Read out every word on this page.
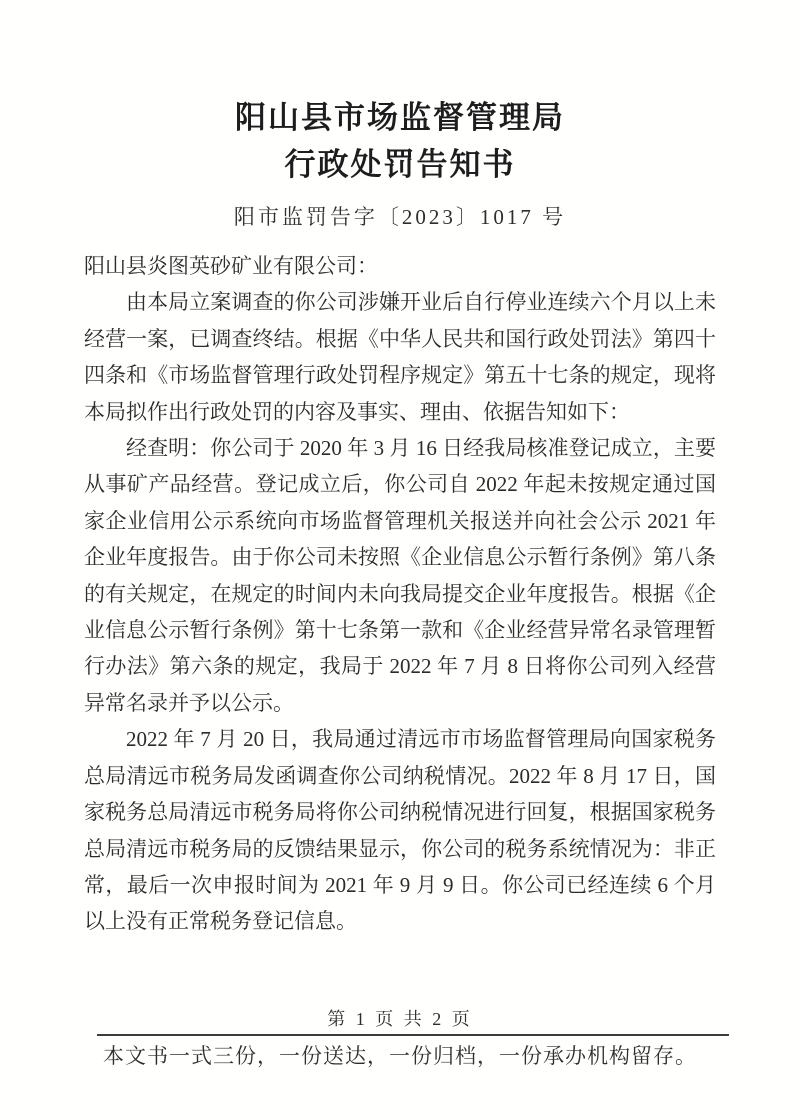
阳山县市场监督管理局
行政处罚告知书
阳市监罚告字〔2023〕1017 号

阳山县炎图英砂矿业有限公司：

由本局立案调查的你公司涉嫌开业后自行停业连续六个月以上未经营一案，已调查终结。根据《中华人民共和国行政处罚法》第四十四条和《市场监督管理行政处罚程序规定》第五十七条的规定，现将本局拟作出行政处罚的内容及事实、理由、依据告知如下：

经查明：你公司于 2020 年 3 月 16 日经我局核准登记成立，主要从事矿产品经营。登记成立后，你公司自 2022 年起未按规定通过国家企业信用公示系统向市场监督管理机关报送并向社会公示 2021 年企业年度报告。由于你公司未按照《企业信息公示暂行条例》第八条的有关规定，在规定的时间内未向我局提交企业年度报告。根据《企业信息公示暂行条例》第十七条第一款和《企业经营异常名录管理暂行办法》第六条的规定，我局于 2022 年 7 月 8 日将你公司列入经营异常名录并予以公示。

2022 年 7 月 20 日，我局通过清远市市场监督管理局向国家税务总局清远市税务局发函调查你公司纳税情况。2022 年 8 月 17 日，国家税务总局清远市税务局将你公司纳税情况进行回复，根据国家税务总局清远市税务局的反馈结果显示，你公司的税务系统情况为：非正常，最后一次申报时间为 2021 年 9 月 9 日。你公司已经连续 6 个月以上没有正常税务登记信息。

第 1 页 共 2 页
本文书一式三份，一份送达，一份归档，一份承办机构留存。
